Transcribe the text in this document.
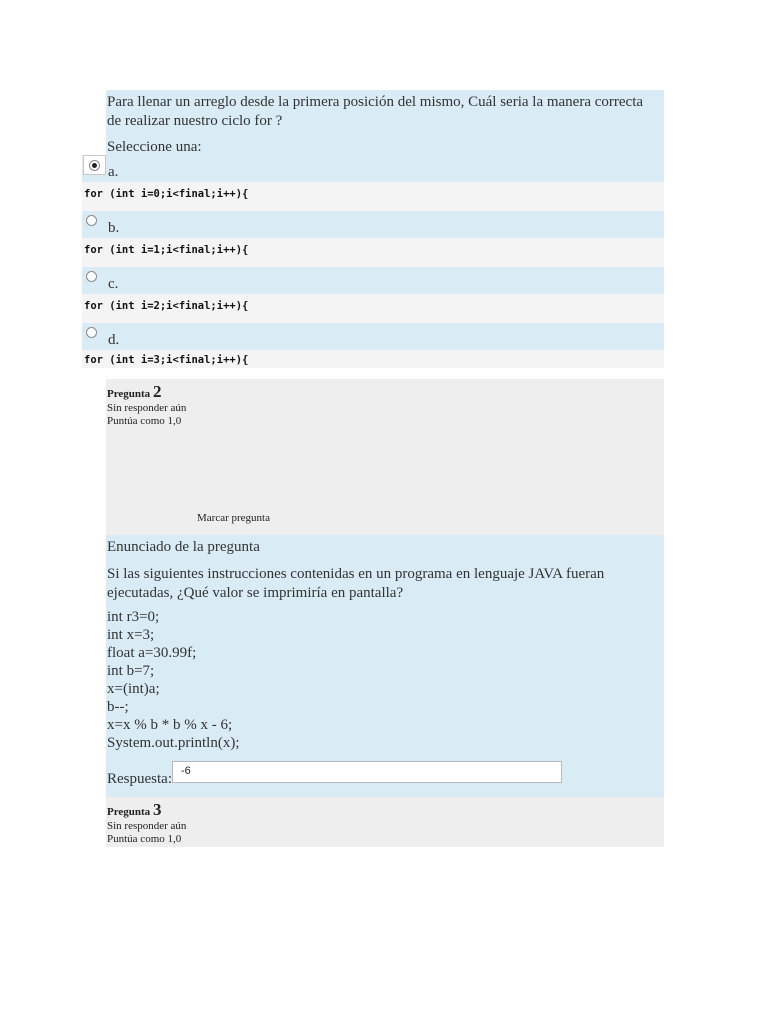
Para llenar un arreglo desde la primera posición del mismo, Cuál seria la manera correcta de realizar nuestro ciclo for ?
Seleccione una:
a.
for (int i=0;i<final;i++){
b.
for (int i=1;i<final;i++){
c.
for (int i=2;i<final;i++){
d.
for (int i=3;i<final;i++){
Pregunta 2
Sin responder aún
Puntúa como 1,0
Marcar pregunta
Enunciado de la pregunta
Si las siguientes instrucciones contenidas en un programa en lenguaje JAVA fueran ejecutadas, ¿Qué valor se imprimiría en pantalla?
int r3=0;
int x=3;
float a=30.99f;
int b=7;
x=(int)a;
b--;
x=x % b * b % x - 6;
System.out.println(x);
Respuesta: -6
Pregunta 3
Sin responder aún
Puntúa como 1,0
